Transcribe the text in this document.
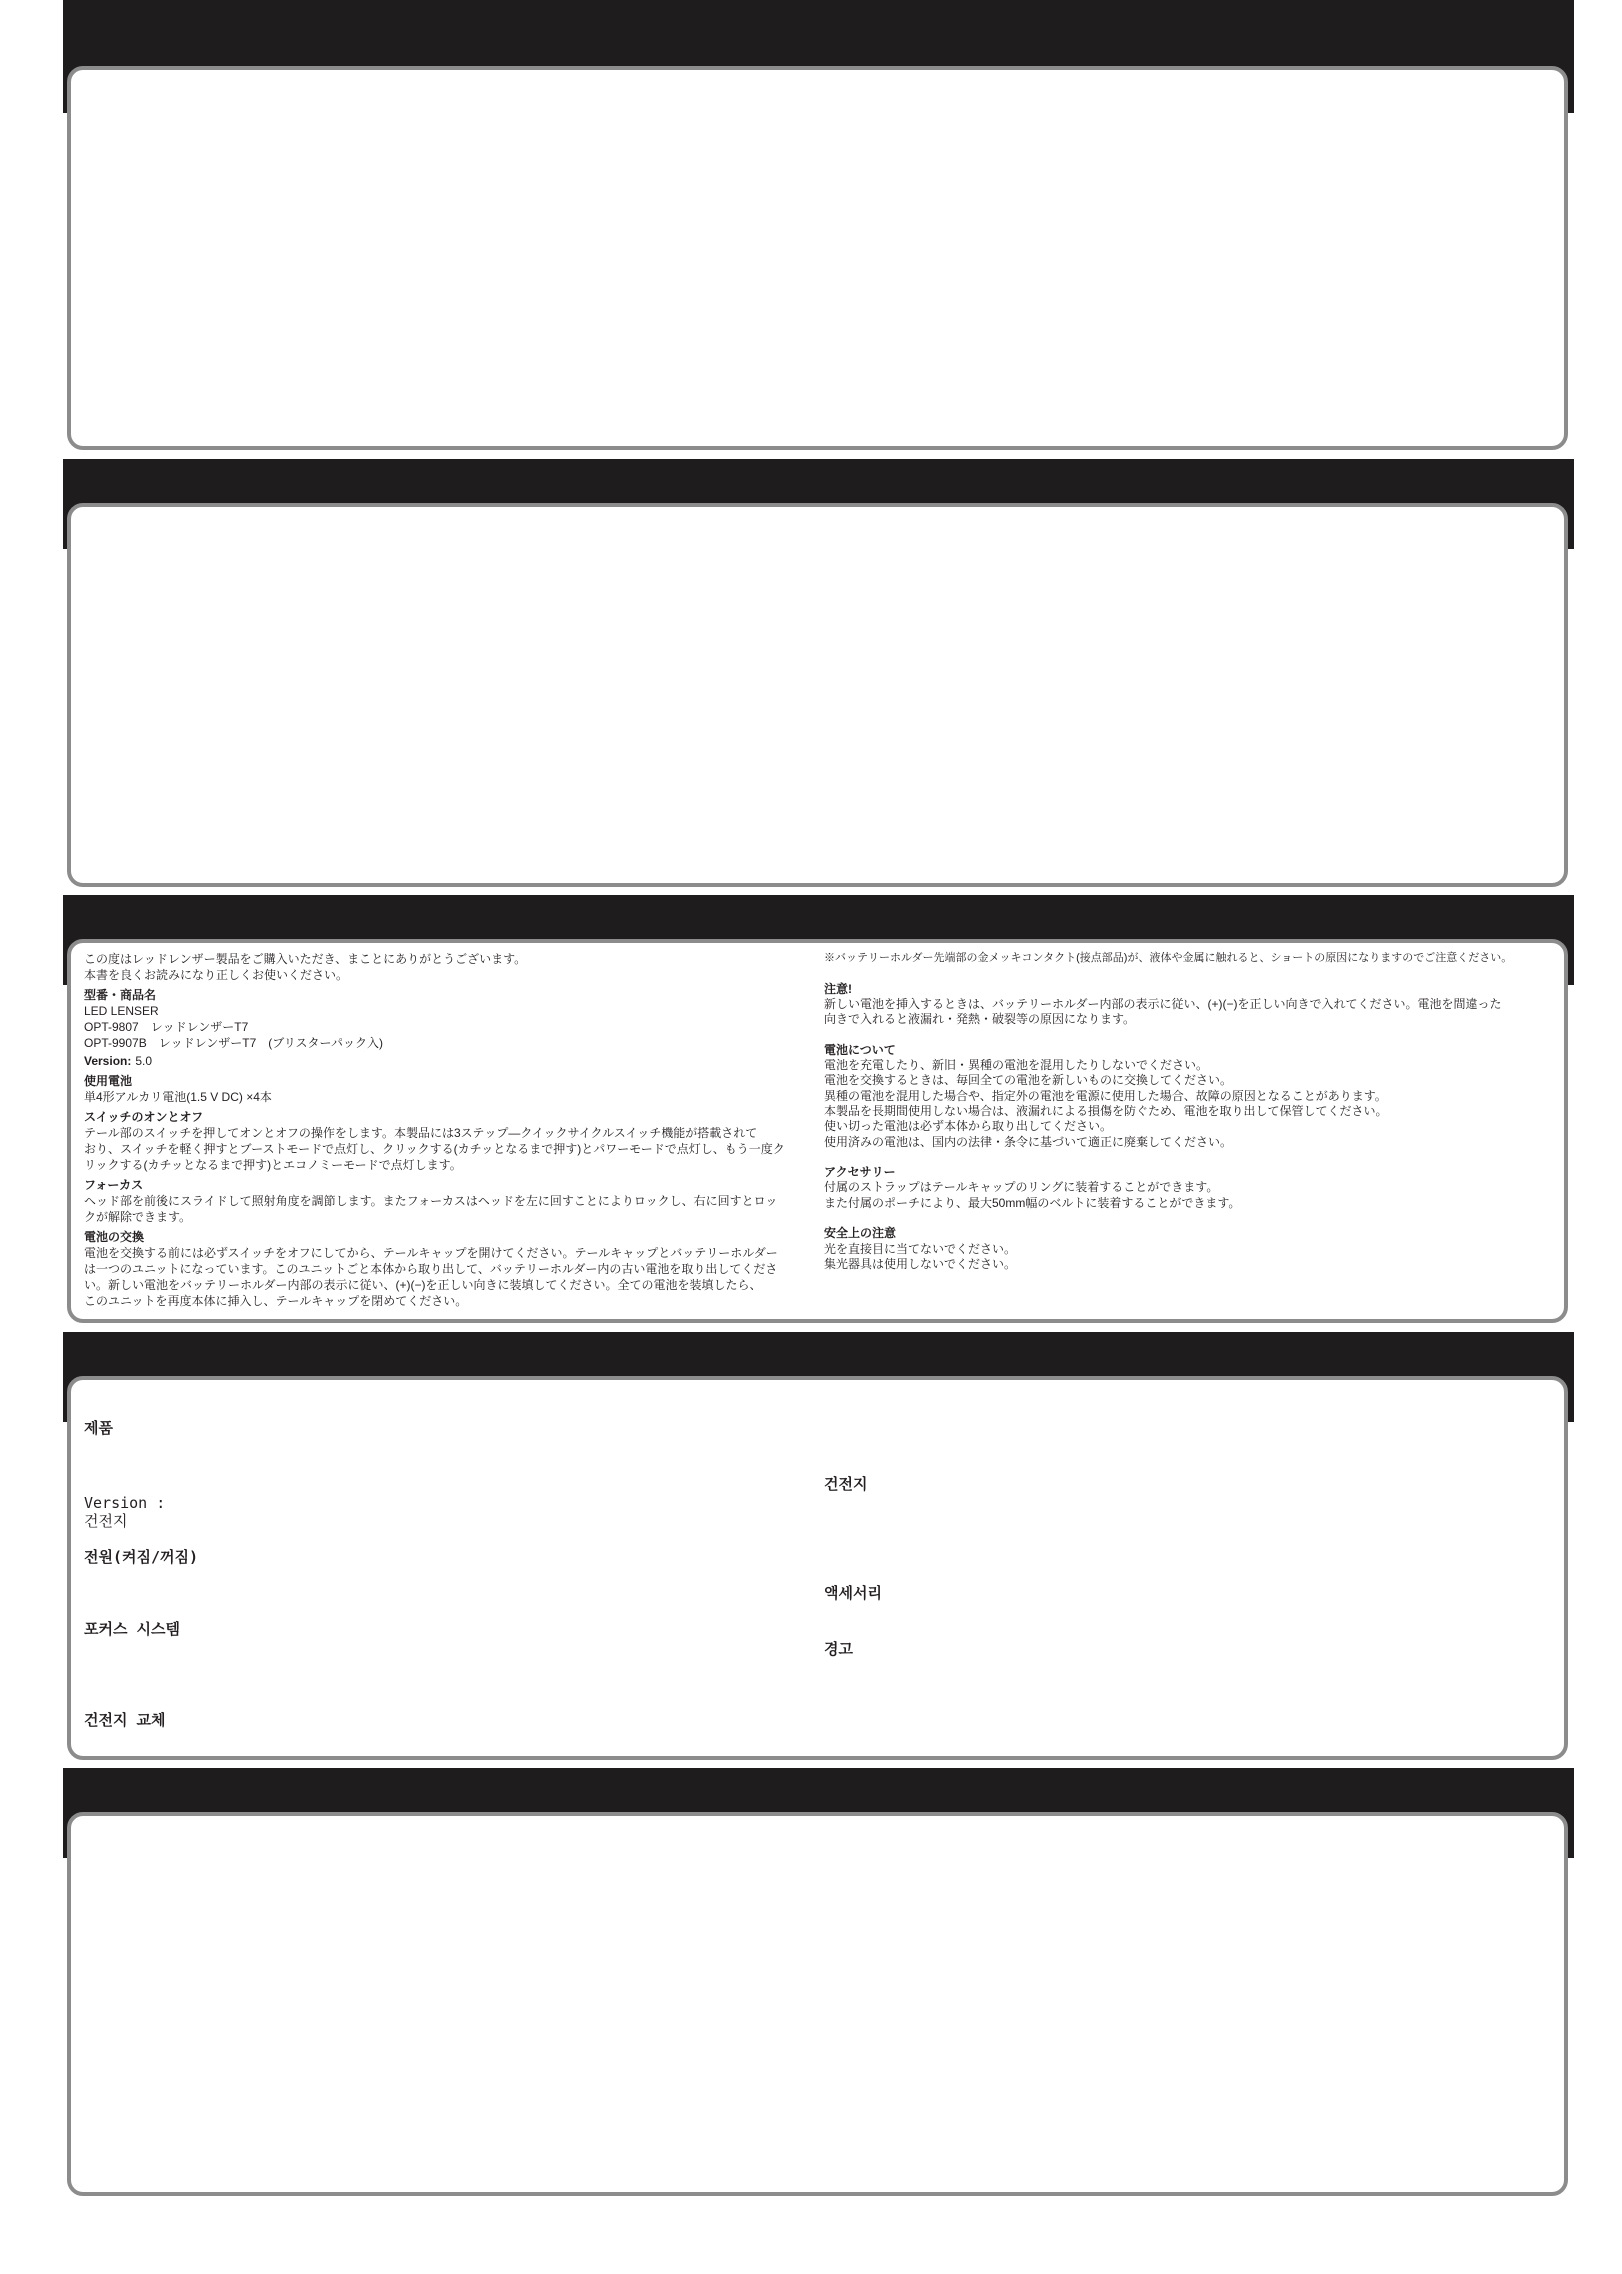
この度はレッドレンザー製品をご購入いただき、まことにありがとうございます。
本書を良くお読みになり正しくお使いください。
型番・商品名
LED LENSER
OPT-9807　レッドレンザーT7
OPT-9907B　レッドレンザーT7　(ブリスターパック入)
Version: 5.0
使用電池
単4形アルカリ電池(1.5 V DC) ×4本
スイッチのオンとオフ
テール部のスイッチを押してオンとオフの操作をします。本製品には3ステップ―クイックサイクルスイッチ機能が搭載されて
おり、スイッチを軽く押すとブーストモードで点灯し、クリックする(カチッとなるまで押す)とパワーモードで点灯し、もう一度ク
リックする(カチッとなるまで押す)とエコノミーモードで点灯します。
フォーカス
ヘッド部を前後にスライドして照射角度を調節します。またフォーカスはヘッドを左に回すことによりロックし、右に回すとロッ
クが解除できます。
電池の交換
電池を交換する前には必ずスイッチをオフにしてから、テールキャップを開けてください。テールキャップとバッテリーホルダー
は一つのユニットになっています。このユニットごと本体から取り出して、バッテリーホルダー内の古い電池を取り出してくださ
い。新しい電池をバッテリーホルダー内部の表示に従い、(+)(−)を正しい向きに装填してください。全ての電池を装填したら、
このユニットを再度本体に挿入し、テールキャップを閉めてください。
※バッテリーホルダー先端部の金メッキコンタクト(接点部品)が、液体や金属に触れると、ショートの原因になりますのでご注意ください。
注意!
新しい電池を挿入するときは、バッテリーホルダー内部の表示に従い、(+)(−)を正しい向きで入れてください。電池を間違った
向きで入れると液漏れ・発熱・破裂等の原因になります。
電池について
電池を充電したり、新旧・異種の電池を混用したりしないでください。
電池を交換するときは、毎回全ての電池を新しいものに交換してください。
異種の電池を混用した場合や、指定外の電池を電源に使用した場合、故障の原因となることがあります。
本製品を長期間使用しない場合は、液漏れによる損傷を防ぐため、電池を取り出して保管してください。
使い切った電池は必ず本体から取り出してください。
使用済みの電池は、国内の法律・条令に基づいて適正に廃棄してください。
アクセサリー
付属のストラップはテールキャップのリングに装着することができます。
また付属のポーチにより、最大50mm幅のベルトに装着することができます。
安全上の注意
光を直接目に当てないでください。
集光器具は使用しないでください。
제품
Version :
건전지
전원(켜짐/꺼짐)
포커스 시스템
건전지 교체
건전지
액세서리
경고
